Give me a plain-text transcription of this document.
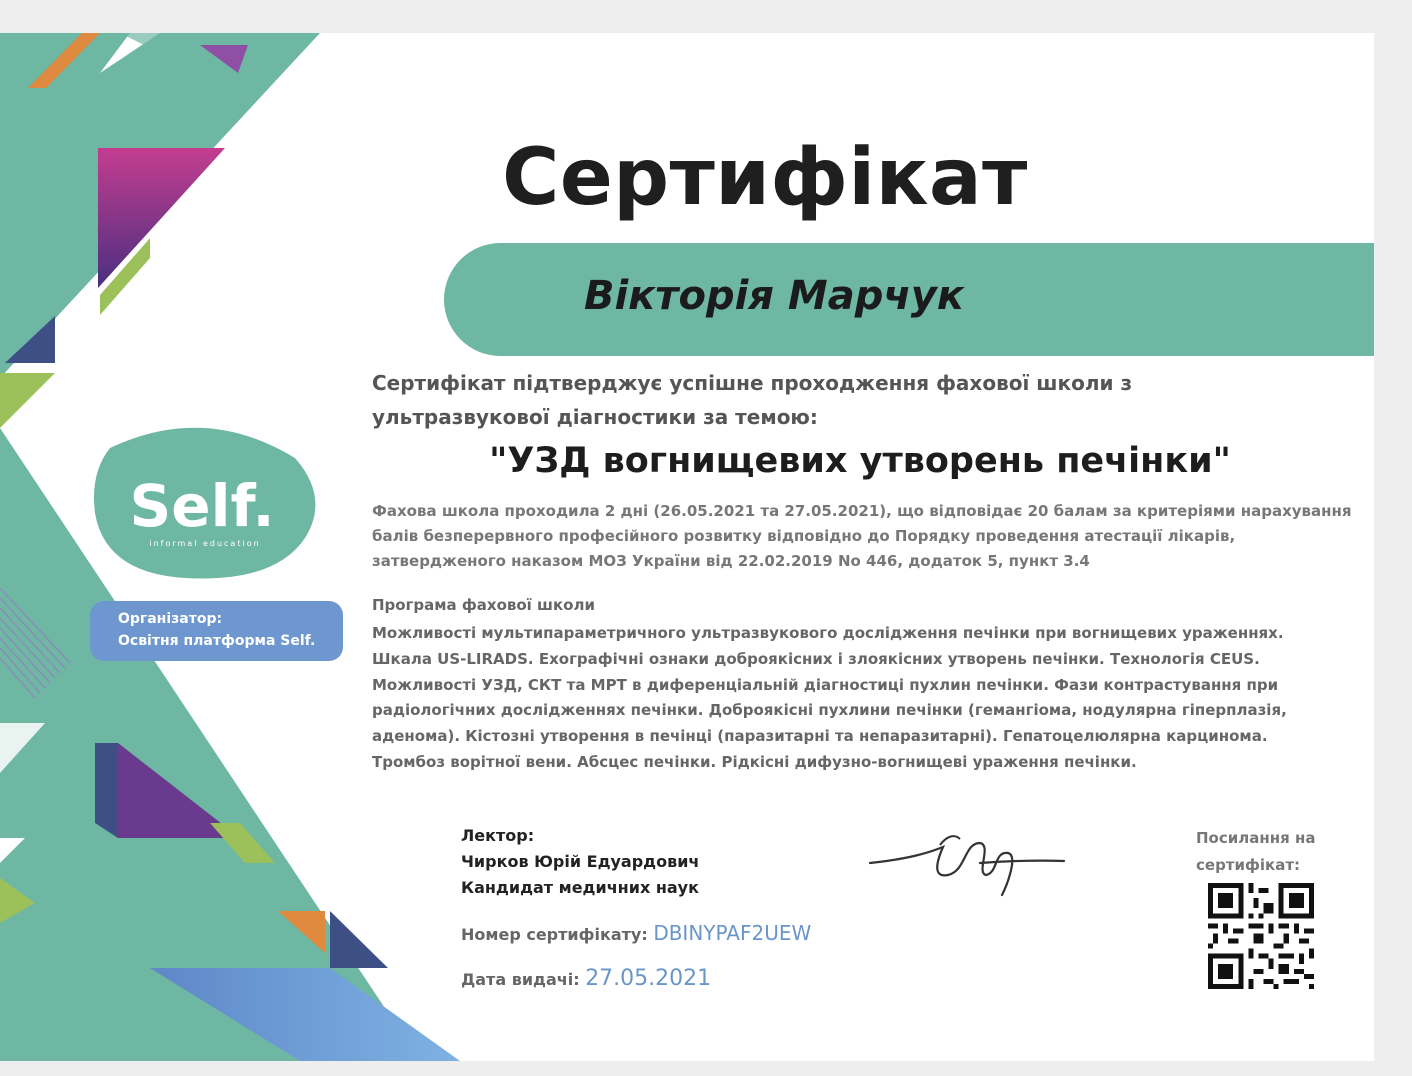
Self.
informal education
Організатор:
Освітня платформа Self.
Сертифікат
Вікторія Марчук

Сертифікат підтверджує успішне проходження фахової школи з ультразвукової діагностики за темою:

"УЗД вогнищевих утворень печінки"

Фахова школа проходила 2 дні (26.05.2021 та 27.05.2021), що відповідає 20 балам за критеріями нарахування балів безперервного професійного розвитку відповідно до Порядку проведення атестації лікарів, затвердженого наказом МОЗ України від 22.02.2019 No 446, додаток 5, пункт 3.4

Програма фахової школи

Можливості мультипараметричного ультразвукового дослідження печінки при вогнищевих ураженнях. Шкала US-LIRADS. Ехографічні ознаки доброякісних і злоякісних утворень печінки. Технологія CEUS. Можливості УЗД, СКТ та МРТ в диференціальній діагностиці пухлин печінки. Фази контрастування при радіологічних дослідженнях печінки. Доброякісні пухлини печінки (гемангіома, нодулярна гіперплазія, аденома). Кістозні утворення в печінці (паразитарні та непаразитарні). Гепатоцелюлярна карцинома. Тромбоз ворітної вени. Абсцес печінки. Рідкісні дифузно-вогнищеві ураження печінки.

Лектор:
Чирков Юрій Едуардович
Кандидат медичних наук
Номер сертифікату: DBINYPAF2UEW
Дата видачі: 27.05.2021

Посилання на сертифікат:
